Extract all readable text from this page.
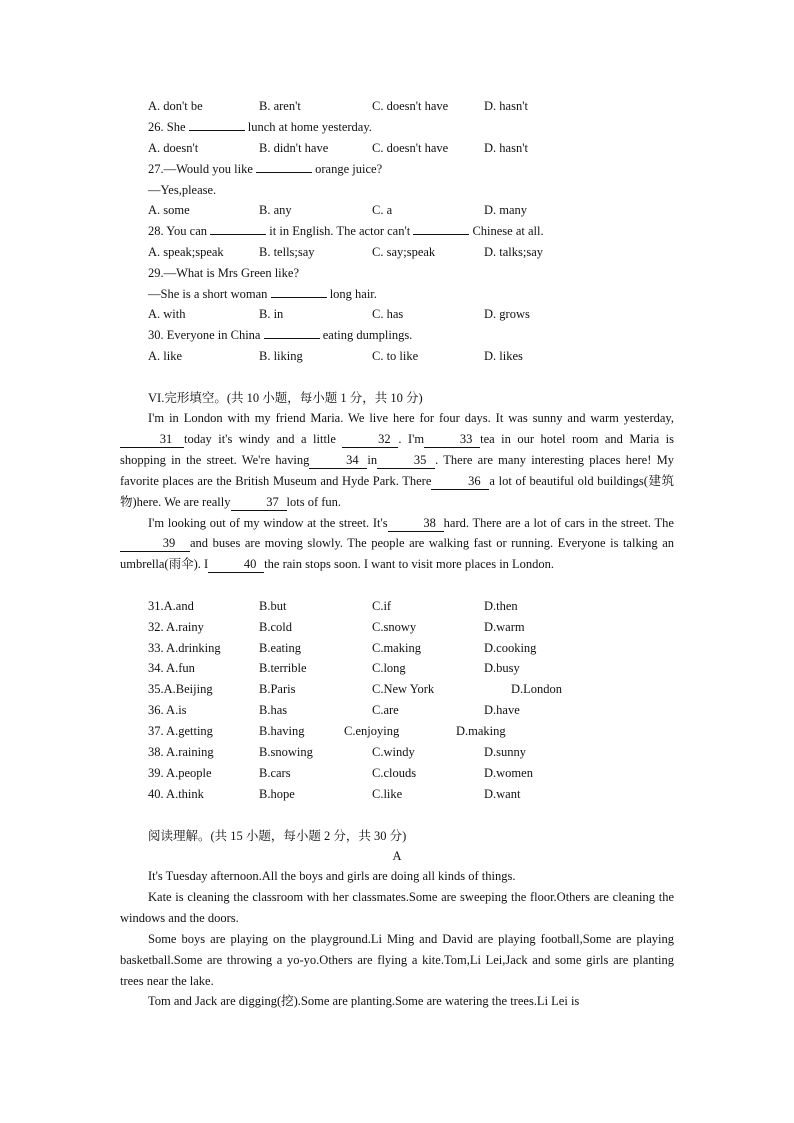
A. don't be	B. aren't	C. doesn't have	D. hasn't
26. She	lunch at home yesterday.
A. doesn't	B. didn't have	C. doesn't have	D. hasn't
27.—Would you like	orange juice?
—Yes,please.
A. some	B. any	C. a	D. many
28. You can	it in English. The actor can't	Chinese at all.
A. speak;speak	B. tells;say	C. say;speak	D. talks;say
29.—What is Mrs Green like?
—She is a short woman	long hair.
A. with	B. in	C. has	D. grows
30. Everyone in China	eating dumplings.
A. like	B. liking	C. to like	D. likes
VI.完形填空。(共 10 小题，每小题 1 分，共 10 分)

I'm in London with my friend Maria. We live here for four days. It was sunny and warm yesterday,31 today it's windy and a little	32 . I'm	33 tea in our hotel room and Maria is shopping in the street. We're having	34 in	35 . There are many interesting places here! My favorite places are the British Museum and Hyde Park. There	36 a lot of beautiful old buildings(建筑物)here. We are really	37 lots of fun.

I'm looking out of my window at the street. It's	38 hard. There are a lot of cars in the street. The39 and buses are moving slowly. The people are walking fast or running. Everyone is talking an umbrella(雨伞). I	40 the rain stops soon. I want to visit more places in London.

31.A.and	B.but	C.if	D.then
32. A.rainy	B.cold	C.snowy	D.warm
33. A.drinking	B.eating	C.making	D.cooking
34. A.fun	B.terrible	C.long	D.busy
35.A.Beijing	B.Paris	C.New York	D.London
36. A.is	B.has	C.are	D.have
37. A.getting	B.having	C.enjoying	D.making
38. A.raining	B.snowing	C.windy	D.sunny
39. A.people	B.cars	C.clouds	D.women
40. A.think	B.hope	C.like	D.want
阅读理解。(共 15 小题，每小题 2 分，共 30 分)
A

It's Tuesday afternoon.All the boys and girls are doing all kinds of things.

Kate is cleaning the classroom with her classmates.Some are sweeping the floor.Others are cleaning the windows and the doors.

Some boys are playing on the playground.Li Ming and David are playing football,Some are playing basketball.Some are throwing a yo-yo.Others are flying a kite.Tom,Li Lei,Jack and some girls are planting trees near the lake.

Tom and Jack are digging(挖).Some are planting.Some are watering the trees.Li Lei is
